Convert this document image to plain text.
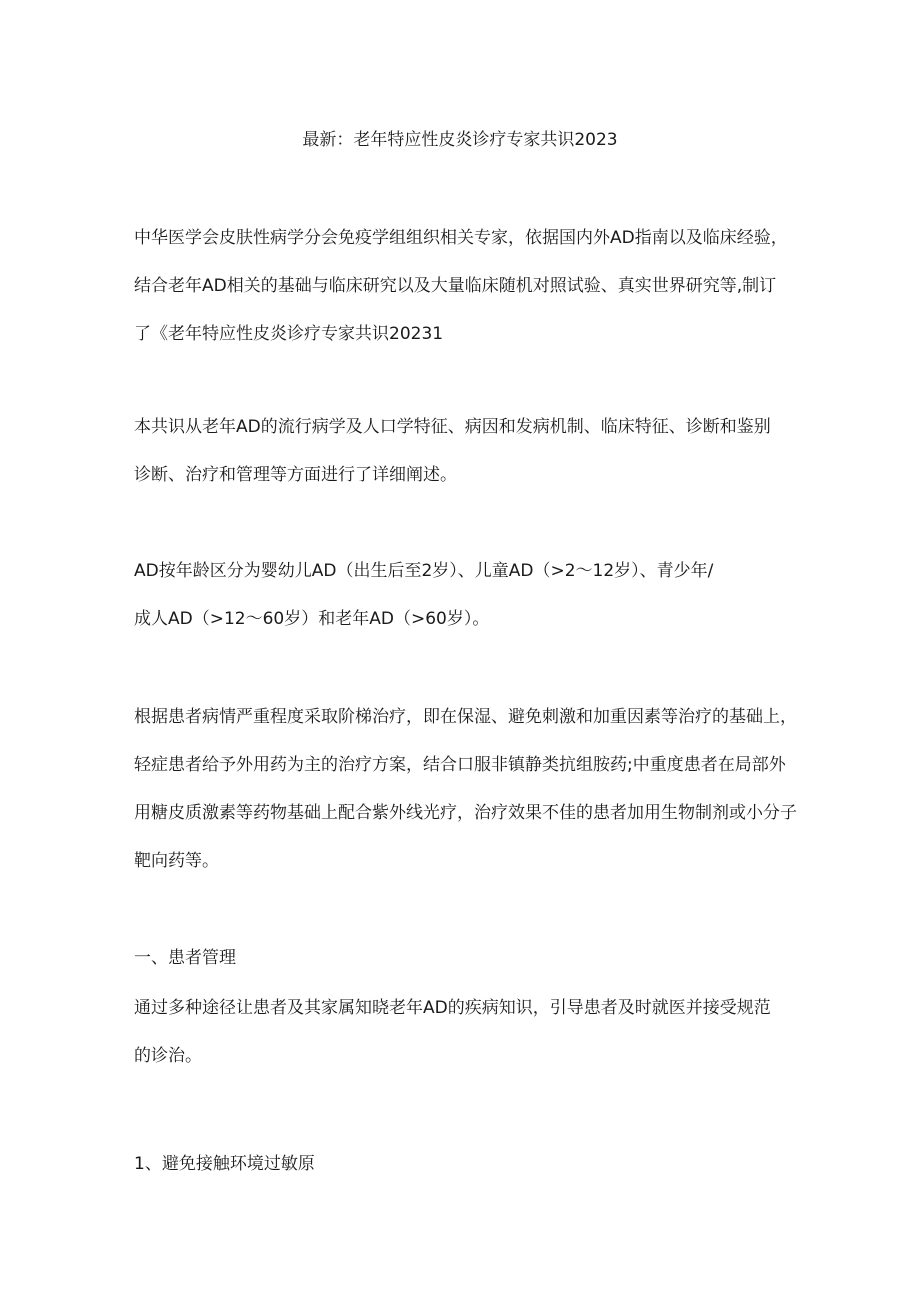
最新：老年特应性皮炎诊疗专家共识2023

中华医学会皮肤性病学分会免疫学组组织相关专家，依据国内外AD指南以及临床经验，
结合老年AD相关的基础与临床研究以及大量临床随机对照试验、真实世界研究等,制订
了《老年特应性皮炎诊疗专家共识20231

本共识从老年AD的流行病学及人口学特征、病因和发病机制、临床特征、诊断和鉴别
诊断、治疗和管理等方面进行了详细阐述。

AD按年龄区分为婴幼儿AD（出生后至2岁）、儿童AD（>2〜12岁）、青少年/
成人AD（>12〜60岁）和老年AD（>60岁）。

根据患者病情严重程度采取阶梯治疗，即在保湿、避免刺激和加重因素等治疗的基础上，
轻症患者给予外用药为主的治疗方案，结合口服非镇静类抗组胺药;中重度患者在局部外
用糖皮质激素等药物基础上配合紫外线光疗，治疗效果不佳的患者加用生物制剂或小分子
靶向药等。

一、患者管理

通过多种途径让患者及其家属知晓老年AD的疾病知识，引导患者及时就医并接受规范
的诊治。

1、避免接触环境过敏原
